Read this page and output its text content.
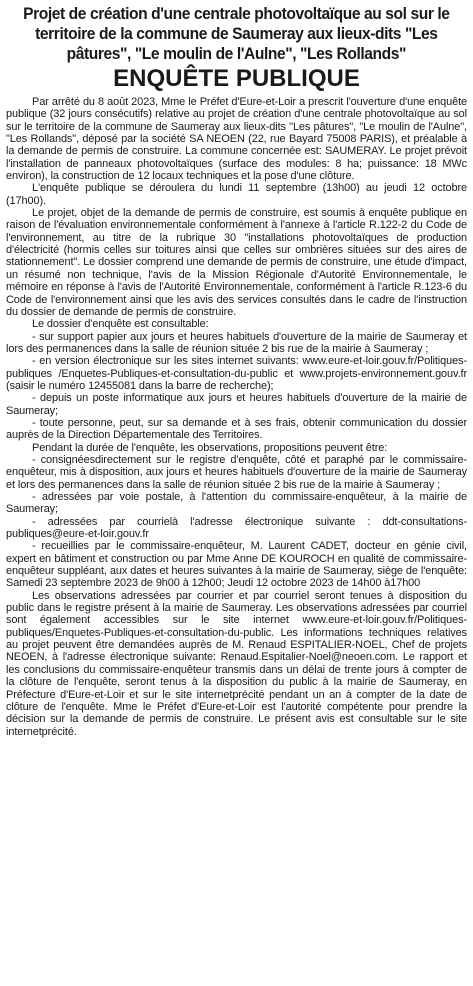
Projet de création d'une centrale photovoltaïque au sol sur le territoire de la commune de Saumeray aux lieux-dits "Les pâtures", "Le moulin de l'Aulne", "Les Rollands"
ENQUÊTE PUBLIQUE

Par arrêté du 8 août 2023, Mme le Préfet d'Eure-et-Loir a prescrit l'ouverture d'une enquête publique (32 jours consécutifs) relative au projet de création d'une centrale photovoltaïque au sol sur le territoire de la commune de Saumeray aux lieux-dits "Les pâtures", "Le moulin de l'Aulne", "Les Rollands", déposé par la société SA NEOEN (22, rue Bayard 75008 PARIS), et préalable à la demande de permis de construire. La commune concernée est: SAUMERAY. Le projet prévoit l'installation de panneaux photovoltaïques (surface des modules: 8 ha; puissance: 18 MWc environ), la construction de 12 locaux techniques et la pose d'une clôture.

L'enquête publique se déroulera du lundi 11 septembre (13h00) au jeudi 12 octobre (17h00).

Le projet, objet de la demande de permis de construire, est soumis à enquête publique en raison de l'évaluation environnementale conformément à l'annexe à l'article R.122-2 du Code de l'environnement, au titre de la rubrique 30 "installations photovoltaïques de production d'électricité (hormis celles sur toitures ainsi que celles sur ombrières situées sur des aires de stationnement". Le dossier comprend une demande de permis de construire, une étude d'impact, un résumé non technique, l'avis de la Mission Régionale d'Autorité Environnementale, le mémoire en réponse à l'avis de l'Autorité Environnementale, conformément à l'article R.123-6 du Code de l'environnement ainsi que les avis des services consultés dans le cadre de l'instruction du dossier de demande de permis de construire.

Le dossier d'enquête est consultable:

- sur support papier aux jours et heures habituels d'ouverture de la mairie de Saumeray et lors des permanences dans la salle de réunion située 2 bis rue de la mairie à Saumeray ;

- en version électronique sur les sites internet suivants: www.eure-et-loir.gouv.fr/Politiques-publiques /Enquetes-Publiques-et-consultation-du-public et www.projets-environnement.gouv.fr (saisir le numéro 12455081 dans la barre de recherche);

- depuis un poste informatique aux jours et heures habituels d'ouverture de la mairie de Saumeray;

- toute personne, peut, sur sa demande et à ses frais, obtenir communication du dossier auprès de la Direction Départementale des Territoires.

Pendant la durée de l'enquête, les observations, propositions peuvent être:

- consignéesdirectement sur le registre d'enquête, côté et paraphé par le commissaire-enquêteur, mis à disposition, aux jours et heures habituels d'ouverture de la mairie de Saumeray et lors des permanences dans la salle de réunion située 2 bis rue de la mairie à Saumeray ;

- adressées par voie postale, à l'attention du commissaire-enquêteur, à la mairie de Saumeray;

- adressées par courrielà l'adresse électronique suivante : ddt-consultations-publiques@eure-et-loir.gouv.fr

- recueillies par le commissaire-enquêteur, M. Laurent CADET, docteur en génie civil, expert en bâtiment et construction ou par Mme Anne DE KOUROCH en qualité de commissaire-enquêteur suppléant, aux dates et heures suivantes à la mairie de Saumeray, siège de l'enquête: Samedi 23 septembre 2023 de 9h00 à 12h00; Jeudi 12 octobre 2023 de 14h00 à17h00

Les observations adressées par courrier et par courriel seront tenues à disposition du public dans le registre présent à la mairie de Saumeray. Les observations adressées par courriel sont également accessibles sur le site internet www.eure-et-loir.gouv.fr/Politiques-publiques/Enquetes-Publiques-et-consultation-du-public. Les informations techniques relatives au projet peuvent être demandées auprès de M. Renaud ESPITALIER-NOEL, Chef de projets NEOEN, à l'adresse électronique suivante: Renaud.Espitalier-Noel@neoen.com. Le rapport et les conclusions du commissaire-enquêteur transmis dans un délai de trente jours à compter de la clôture de l'enquête, seront tenus à la disposition du public à la mairie de Saumeray, en Préfecture d'Eure-et-Loir et sur le site internetprécité pendant un an à compter de la date de clôture de l'enquête. Mme le Préfet d'Eure-et-Loir est l'autorité compétente pour prendre la décision sur la demande de permis de construire. Le présent avis est consultable sur le site internetprécité.
